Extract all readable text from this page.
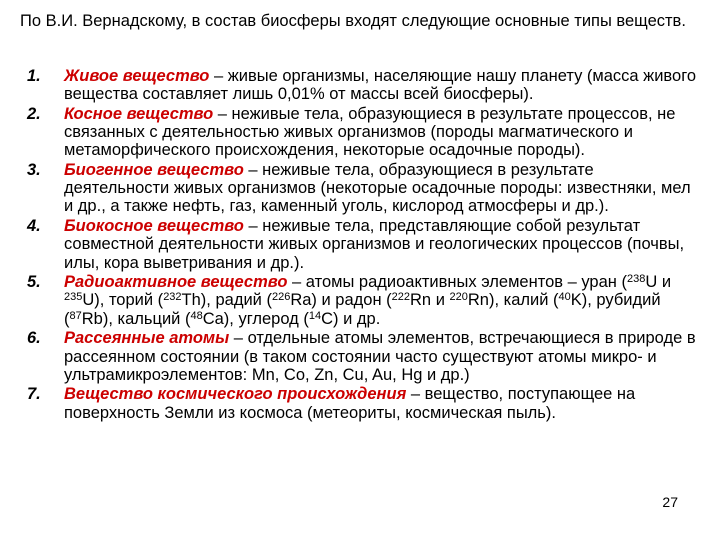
По В.И. Вернадскому, в состав биосферы входят следующие основные типы веществ.
1. Живое вещество – живые организмы, населяющие нашу планету (масса живого вещества составляет лишь 0,01% от массы всей биосферы).
2. Косное вещество – неживые тела, образующиеся в результате процессов, не связанных с деятельностью живых организмов (породы магматического и метаморфического происхождения, некоторые осадочные породы).
3. Биогенное вещество – неживые тела, образующиеся в результате деятельности живых организмов (некоторые осадочные породы: известняки, мел и др., а также нефть, газ, каменный уголь, кислород атмосферы и др.).
4. Биокосное вещество – неживые тела, представляющие собой результат совместной деятельности живых организмов и геологических процессов (почвы, илы, кора выветривания и др.).
5. Радиоактивное вещество – атомы радиоактивных элементов – уран ($^{238}$U и $^{235}$U), торий ($^{232}$Th), радий ($^{226}$Ra) и радон ($^{222}$Rn и $^{220}$Rn), калий ($^{40}$K), рубидий ($^{87}$Rb), кальций ($^{48}$Ca), углерод ($^{14}$C) и др.
6. Рассеянные атомы – отдельные атомы элементов, встречающиеся в природе в рассеянном состоянии (в таком состоянии часто существуют атомы микро- и ультрамикроэлементов: Mn, Co, Zn, Cu, Au, Hg и др.)
7. Вещество космического происхождения – вещество, поступающее на поверхность Земли из космоса (метеориты, космическая пыль).
27
